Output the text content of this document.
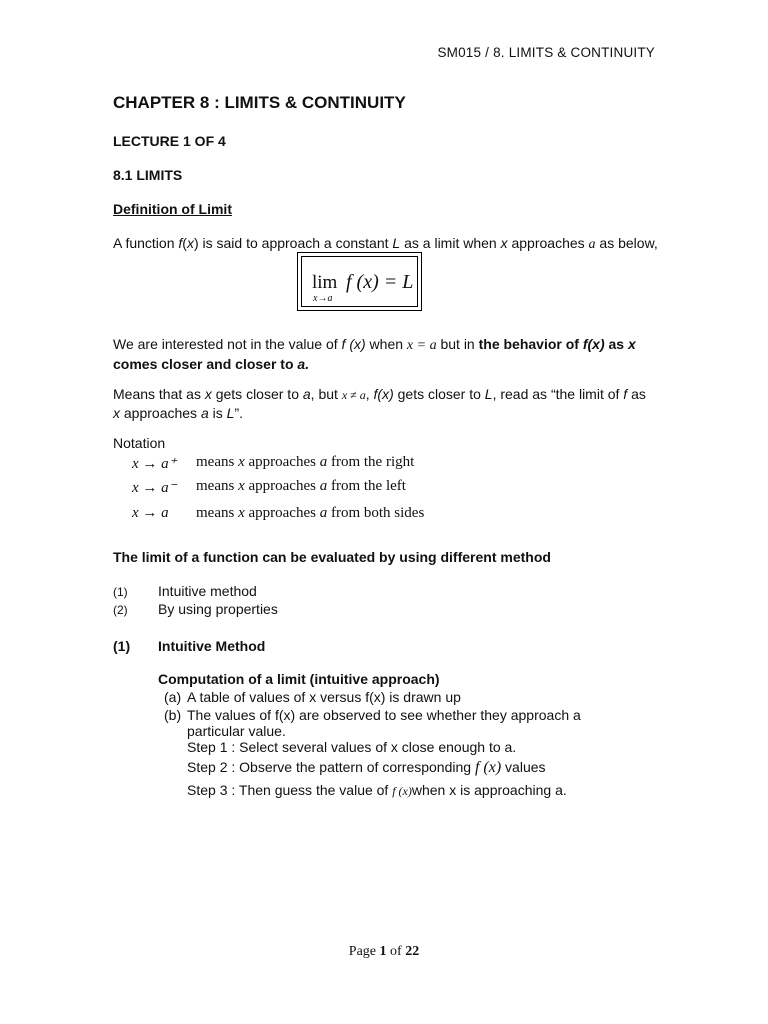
SM015 / 8. LIMITS & CONTINUITY
CHAPTER 8 : LIMITS & CONTINUITY
LECTURE 1 OF 4
8.1 LIMITS
Definition of Limit
A function f(x) is said to approach a constant L as a limit when x approaches a as below,
lim
x→a
f (x) = L
We are interested not in the value of f (x) when x = a but in the behavior of f(x) as x
comes closer and closer to a.
Means that as x gets closer to a, but x ≠ a, f(x) gets closer to L, read as “the limit of f as
x approaches a is L”.
Notation
x → a⁺ means x approaches a from the right
x → a⁻ means x approaches a from the left
x → a means x approaches a from both sides
The limit of a function can be evaluated by using different method
(1) Intuitive method
(2) By using properties
(1) Intuitive Method
Computation of a limit (intuitive approach)
(a) A table of values of x versus f(x) is drawn up
(b) The values of f(x) are observed to see whether they approach a particular value.
Step 1 : Select several values of x close enough to a.
Step 2 : Observe the pattern of corresponding f (x) values
Step 3 : Then guess the value of f (x)when x is approaching a.
Page 1 of 22
